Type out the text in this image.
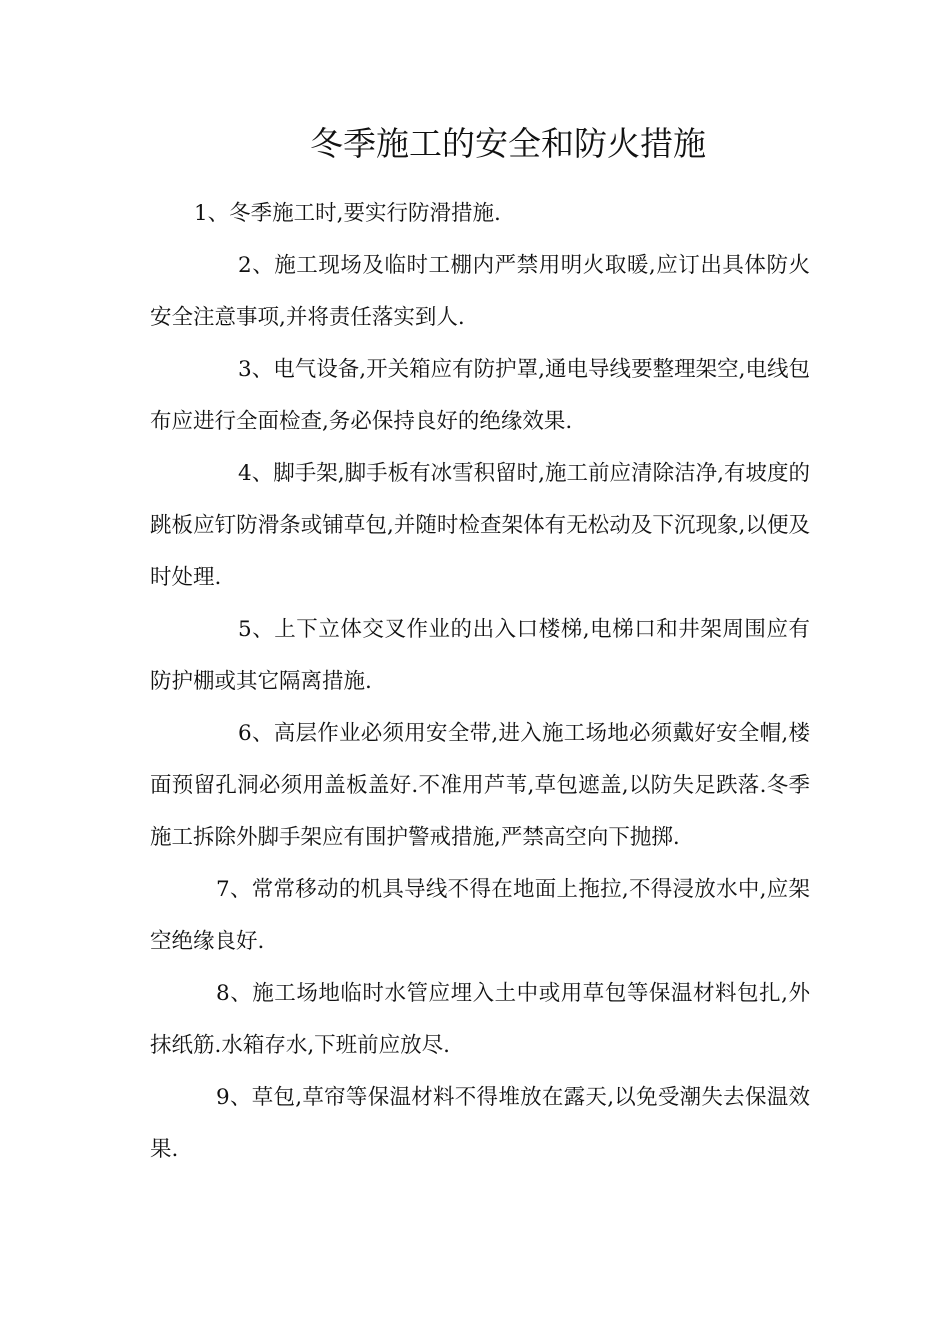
冬季施工的安全和防火措施

1、冬季施工时,要实行防滑措施.

2、施工现场及临时工棚内严禁用明火取暖,应订出具体防火安全注意事项,并将责任落实到人.

3、电气设备,开关箱应有防护罩,通电导线要整理架空,电线包布应进行全面检查,务必保持良好的绝缘效果.

4、脚手架,脚手板有冰雪积留时,施工前应清除洁净,有坡度的跳板应钉防滑条或铺草包,并随时检查架体有无松动及下沉现象,以便及时处理.

5、上下立体交叉作业的出入口楼梯,电梯口和井架周围应有防护棚或其它隔离措施.

6、高层作业必须用安全带,进入施工场地必须戴好安全帽,楼面预留孔洞必须用盖板盖好.不准用芦苇,草包遮盖,以防失足跌落.冬季施工拆除外脚手架应有围护警戒措施,严禁高空向下抛掷.

7、常常移动的机具导线不得在地面上拖拉,不得浸放水中,应架空绝缘良好.

8、施工场地临时水管应埋入土中或用草包等保温材料包扎,外抹纸筋.水箱存水,下班前应放尽.

9、草包,草帘等保温材料不得堆放在露天,以免受潮失去保温效果.
